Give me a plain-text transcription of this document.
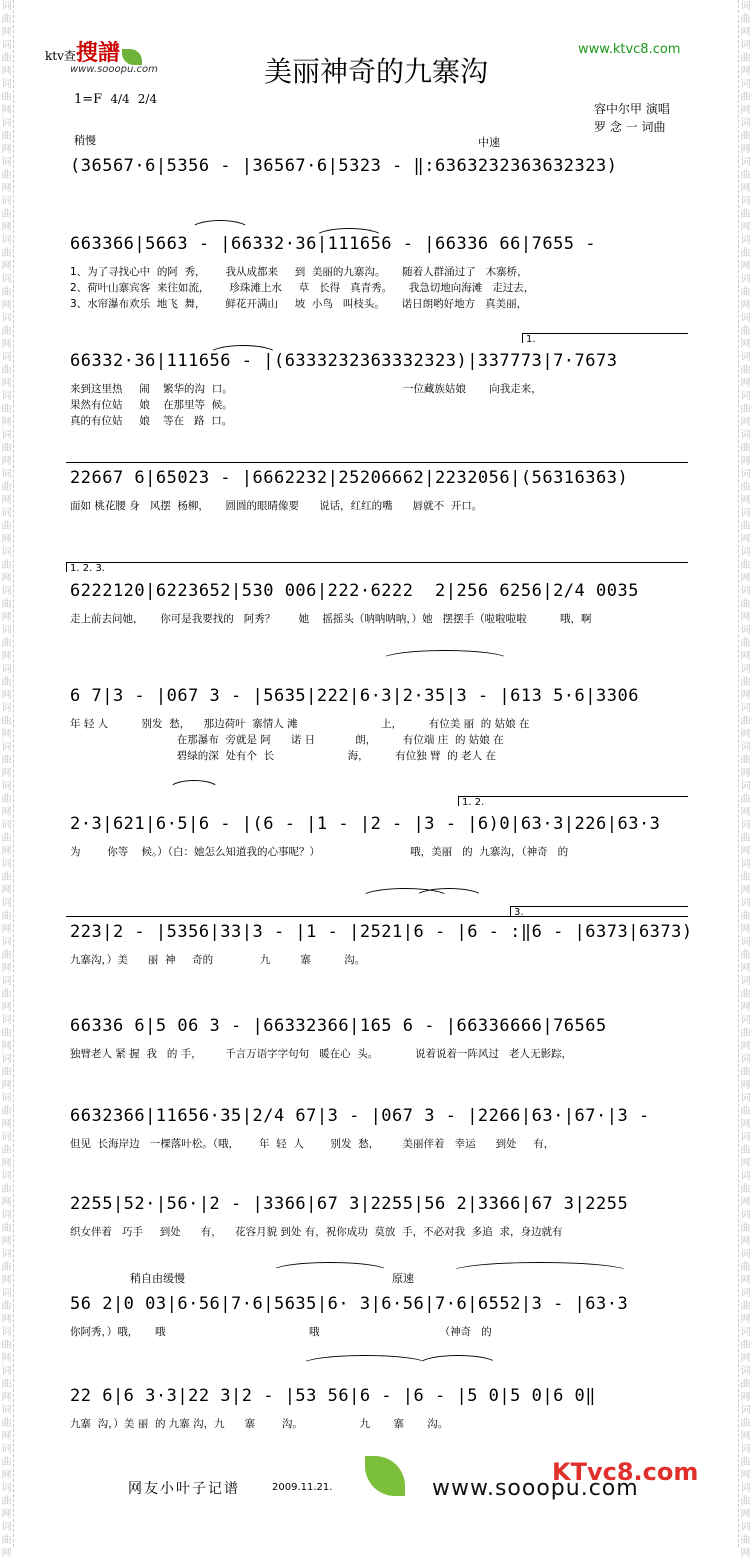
词
曲
网
词
曲
网
词
曲
网
词
曲
网
词
曲
网
词
曲
网
词
曲
网
词
曲
网
词
曲
网
词
曲
网
词
曲
网
词
曲
网
词
曲
网
词
曲
网
词
曲
网
词
曲
网
词
曲
网
词
曲
网
词
曲
网
词
曲
网
词
曲
网
词
曲
网
词
曲
网
词
曲
网
词
曲
网
词
曲
网
词
曲
网
词
曲
网
词
曲
网
词
曲
网
词
曲
网
词
曲
网
词
曲
网
词
曲
网
词
曲
网
词
曲
网
词
曲
网
词
曲
网
词
曲
网
词
曲
网
词
曲
网
词
曲
网
词
曲
网
词
曲
网
词
曲
网
词
曲
网
词
曲
网
词
曲
网
词
曲
网
词
曲
网
词
曲
网
词
曲
网
词
曲
网
词
曲
网
词
曲
网
词
曲
网
词
曲
网
词
曲
网
词
曲
网
词
曲
网
词
曲
网
词
曲
网
词
曲
网
词
曲
网
词
曲
网
词
曲
网
词
曲
网
词
曲
网
词
曲
网
词
曲
网
词
曲
网
词
曲
网
词
曲
网
词
曲
网
词
曲
网
词
曲
网
词
曲
网
词
曲
网
词
曲
网
词
曲
网
ktv查搜譜
www.sooopu.com
www.ktvc8.com
美丽神奇的九寨沟
1=F 4/4 2/4
容中尔甲 演唱
罗 念 一 词曲
稍慢	中速
(36567·6|5356 - |36567·6|5323 - ‖:6363232363632323)
663366|5663 - |66332·36|111656 - |66336 66|7655 -
1、为了寻找心中  的阿  秀，      我从成都来     到  美丽的九寨沟。     随着人群涌过了   木寨桥，
2、荷叶山寨宾客  来往如流，      珍珠滩上水     草   长得   真青秀。     我急切地向海滩   走过去，
3、水帘瀑布欢乐  地飞  舞，      鲜花开满山     坡  小鸟   叫枝头。     诺日朗哟好地方   真美丽，
66332·36|111656 - |(6333232363332323)|337773|7·7673
来到这里热     闹    繁华的沟  口。                                                   一位藏族姑娘       向我走来，
果然有位姑     娘    在那里等  候。
真的有位姑     娘    等在   路  口。
22667 6|65023 - |6662232|25206662|2232056|(56316363)
面如 桃花腰 身   风摆  杨柳，     圆圆的眼睛像要      说话，红红的嘴      唇就不  开口。
6222120|6223652|530 006|222·6222  2|256 6256|2/4 0035
走上前去问她，     你可是我要找的   阿秀？       她    摇摇头（呐呐呐呐，）她   摆摆手（啦啦啦啦          哦，啊
6 7|3 - |067 3 - |5635|222|6·3|2·35|3 - |613 5·6|3306
年 轻 人          别发  愁，    那边荷叶  寨情人 滩                         上，        有位美 丽  的 姑娘 在
在那瀑布  旁就是 阿      诺 日            朗，        有位端 庄  的 姑娘 在
碧绿的深  处有个  长                      海，        有位独 臂  的 老人 在
2·3|621|6·5|6 - |(6 - |1 - |2 - |3 - |6)0|63·3|226|63·3
为        你等    候。）（白：她怎么知道我的心事呢？）                           哦，美丽   的  九寨沟，（神奇   的
223|2 - |5356|33|3 - |1 - |2521|6 - |6 - :‖6 - |6373|6373)
九寨沟，）美      丽  神     奇的              九         寨          沟。
66336 6|5 06 3 - |66332366|165 6 - |66336666|76565
独臂老人 紧 握  我   的 手，       千言万语字字句句   暖在心  头。           说着说着一阵风过   老人无影踪，
6632366|11656·35|2/4 67|3 - |067 3 - |2266|63·|67·|3 -
但见  长海岸边   一棵落叶松。（哦，      年  轻  人        别发  愁，       美丽伴着   幸运      到处     有，
2255|52·|56·|2 - |3366|67 3|2255|56 2|3366|67 3|2255
织女伴着   巧手     到处      有，    花容月貌 到处 有，祝你成功  莫放  手，不必对我  多追  求，身边就有
56 2|0 03|6·56|7·6|5635|6· 3|6·56|7·6|6552|3 - |63·3
你阿秀，）哦，     哦                                           哦                                    （神奇   的
22 6|6 3·3|22 3|2 - |53 56|6 - |6 - |5 0|5 0|6 0‖
九寨  沟，）美 丽  的 九寨 沟，九      寨        沟。                 九       寨       沟。
稍自由缓慢	原速
1.
1. 2. 3.
1. 2.
3.
网友小叶子记谱	2009.11.21.	www.sooopu.com
KTvc8.com
